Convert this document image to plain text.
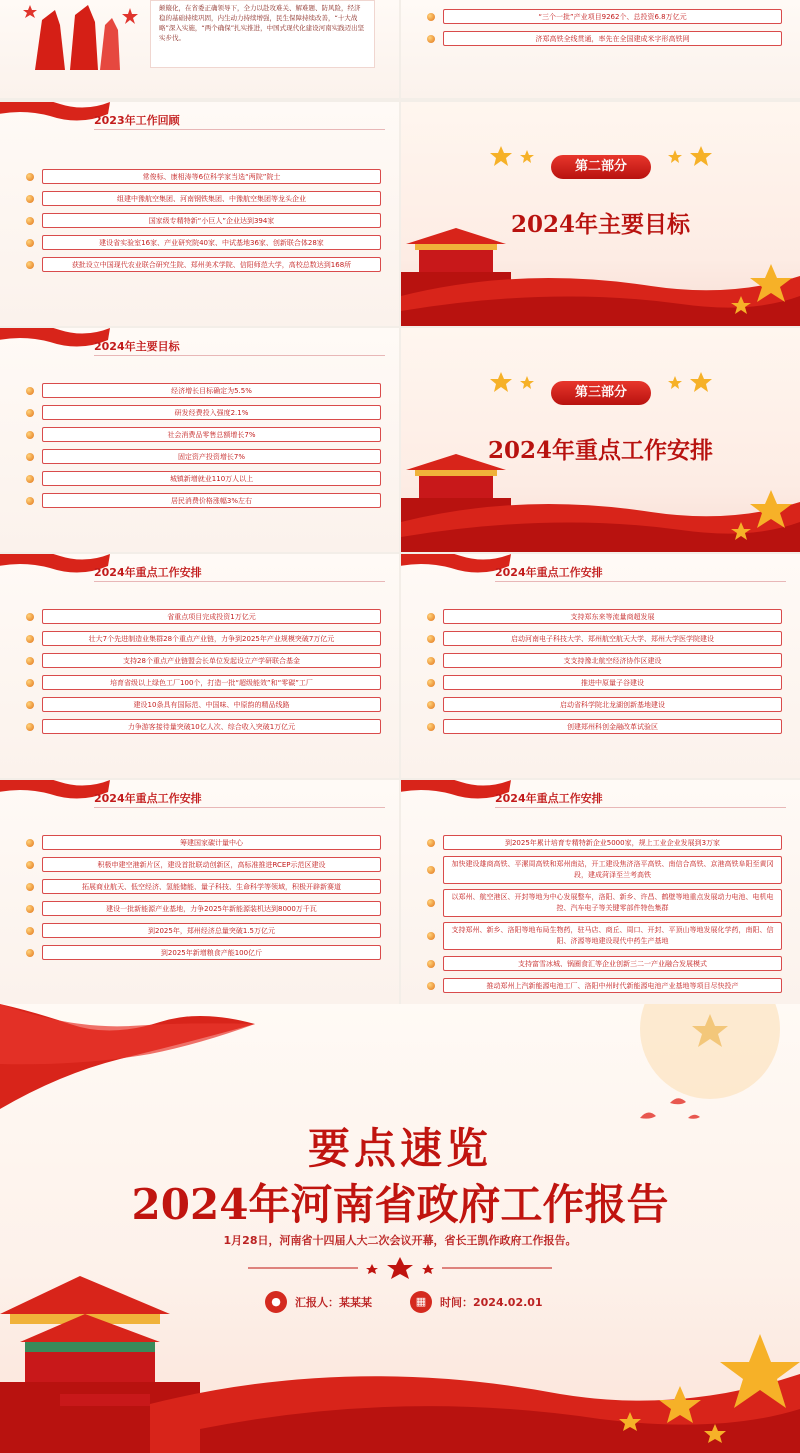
颠簸化，在省委正确领导下，全力以赴攻难关、解难题、防风险，经济稳的基础持续巩固，内生动力持续增强，民生保障持续改善，“十大战略”深入实施，“两个确保”扎实推进，中国式现代化建设河南实践迈出坚实步伐。
“三个一批”产业项目9262个、总投资6.8万亿元
济郑高铁全线贯通，率先在全国建成米字形高铁网
2023年工作回顾
常俊标、康相涛等6位科学家当选“两院”院士
组建中豫航空集团、河南钢铁集团、中豫航空集团等龙头企业
国家级专精特新“小巨人”企业达到394家
建设省实验室16家、产业研究院40家、中试基地36家、创新联合体28家
获批设立中国现代农业联合研究生院、郑州美术学院、信阳师范大学，高校总数达到168所
第二部分
2024年主要目标
2024年主要目标
经济增长目标确定为5.5%
研发经费投入强度2.1%
社会消费品零售总额增长7%
固定资产投资增长7%
城镇新增就业110万人以上
居民消费价格涨幅3%左右
第三部分
2024年重点工作安排
2024年重点工作安排
省重点项目完成投资1万亿元
壮大7个先进制造业集群28个重点产业链，力争到2025年产业规模突破7万亿元
支持28个重点产业链盟会长单位发起设立产学研联合基金
培育省级以上绿色工厂100个，打造一批“超级能效”和“零碳”工厂
建设10条具有国际范、中国味、中原韵的精品线路
力争游客接待量突破10亿人次、综合收入突破1万亿元
2024年重点工作安排
支持郑东来等流量商超发展
启动河南电子科技大学、郑州航空航天大学、郑州大学医学院建设
支支持豫北航空经济协作区建设
推进中原量子谷建设
启动省科学院北龙湖创新基地建设
创建郑州科创金融改革试验区
2024年重点工作安排
筹建国家碳计量中心
积极申建空港新片区，建设首批联动创新区，高标准推进RCEP示范区建设
拓展商业航天、低空经济、氢能储能、量子科技、生命科学等领域，积极开辟新赛道
建设一批新能源产业基地，力争2025年新能源装机达到8000万千瓦
到2025年，郑州经济总量突破1.5万亿元
到2025年新增粮食产能100亿斤
2024年重点工作安排
到2025年累计培育专精特新企业5000家，规上工业企业发展到3万家
加快建设雄商高铁、平漯周高铁和郑州南站，开工建设焦济洛平高铁、南信合高铁、京港高铁阜阳至黄冈段，建成菏泽至兰考高铁
以郑州、航空港区、开封等地为中心发展整车，洛阳、新乡、许昌、鹤壁等地重点发展动力电池、电机电控、汽车电子等关键零部件特色集群
支持郑州、新乡、洛阳等地布局生物药，驻马店、商丘、周口、开封、平顶山等地发展化学药，南阳、信阳、济源等地建设现代中药生产基地
支持富雪冰城、锅圈食汇等企业创新三二一产业融合发展模式
推动郑州上汽新能源电池工厂、洛阳中州时代新能源电池产业基地等项目尽快投产
要点速览
2024年河南省政府工作报告
1月28日，河南省十四届人大二次会议开幕，省长王凯作政府工作报告。
●	汇报人：某某某	▦	时间：2024.02.01
